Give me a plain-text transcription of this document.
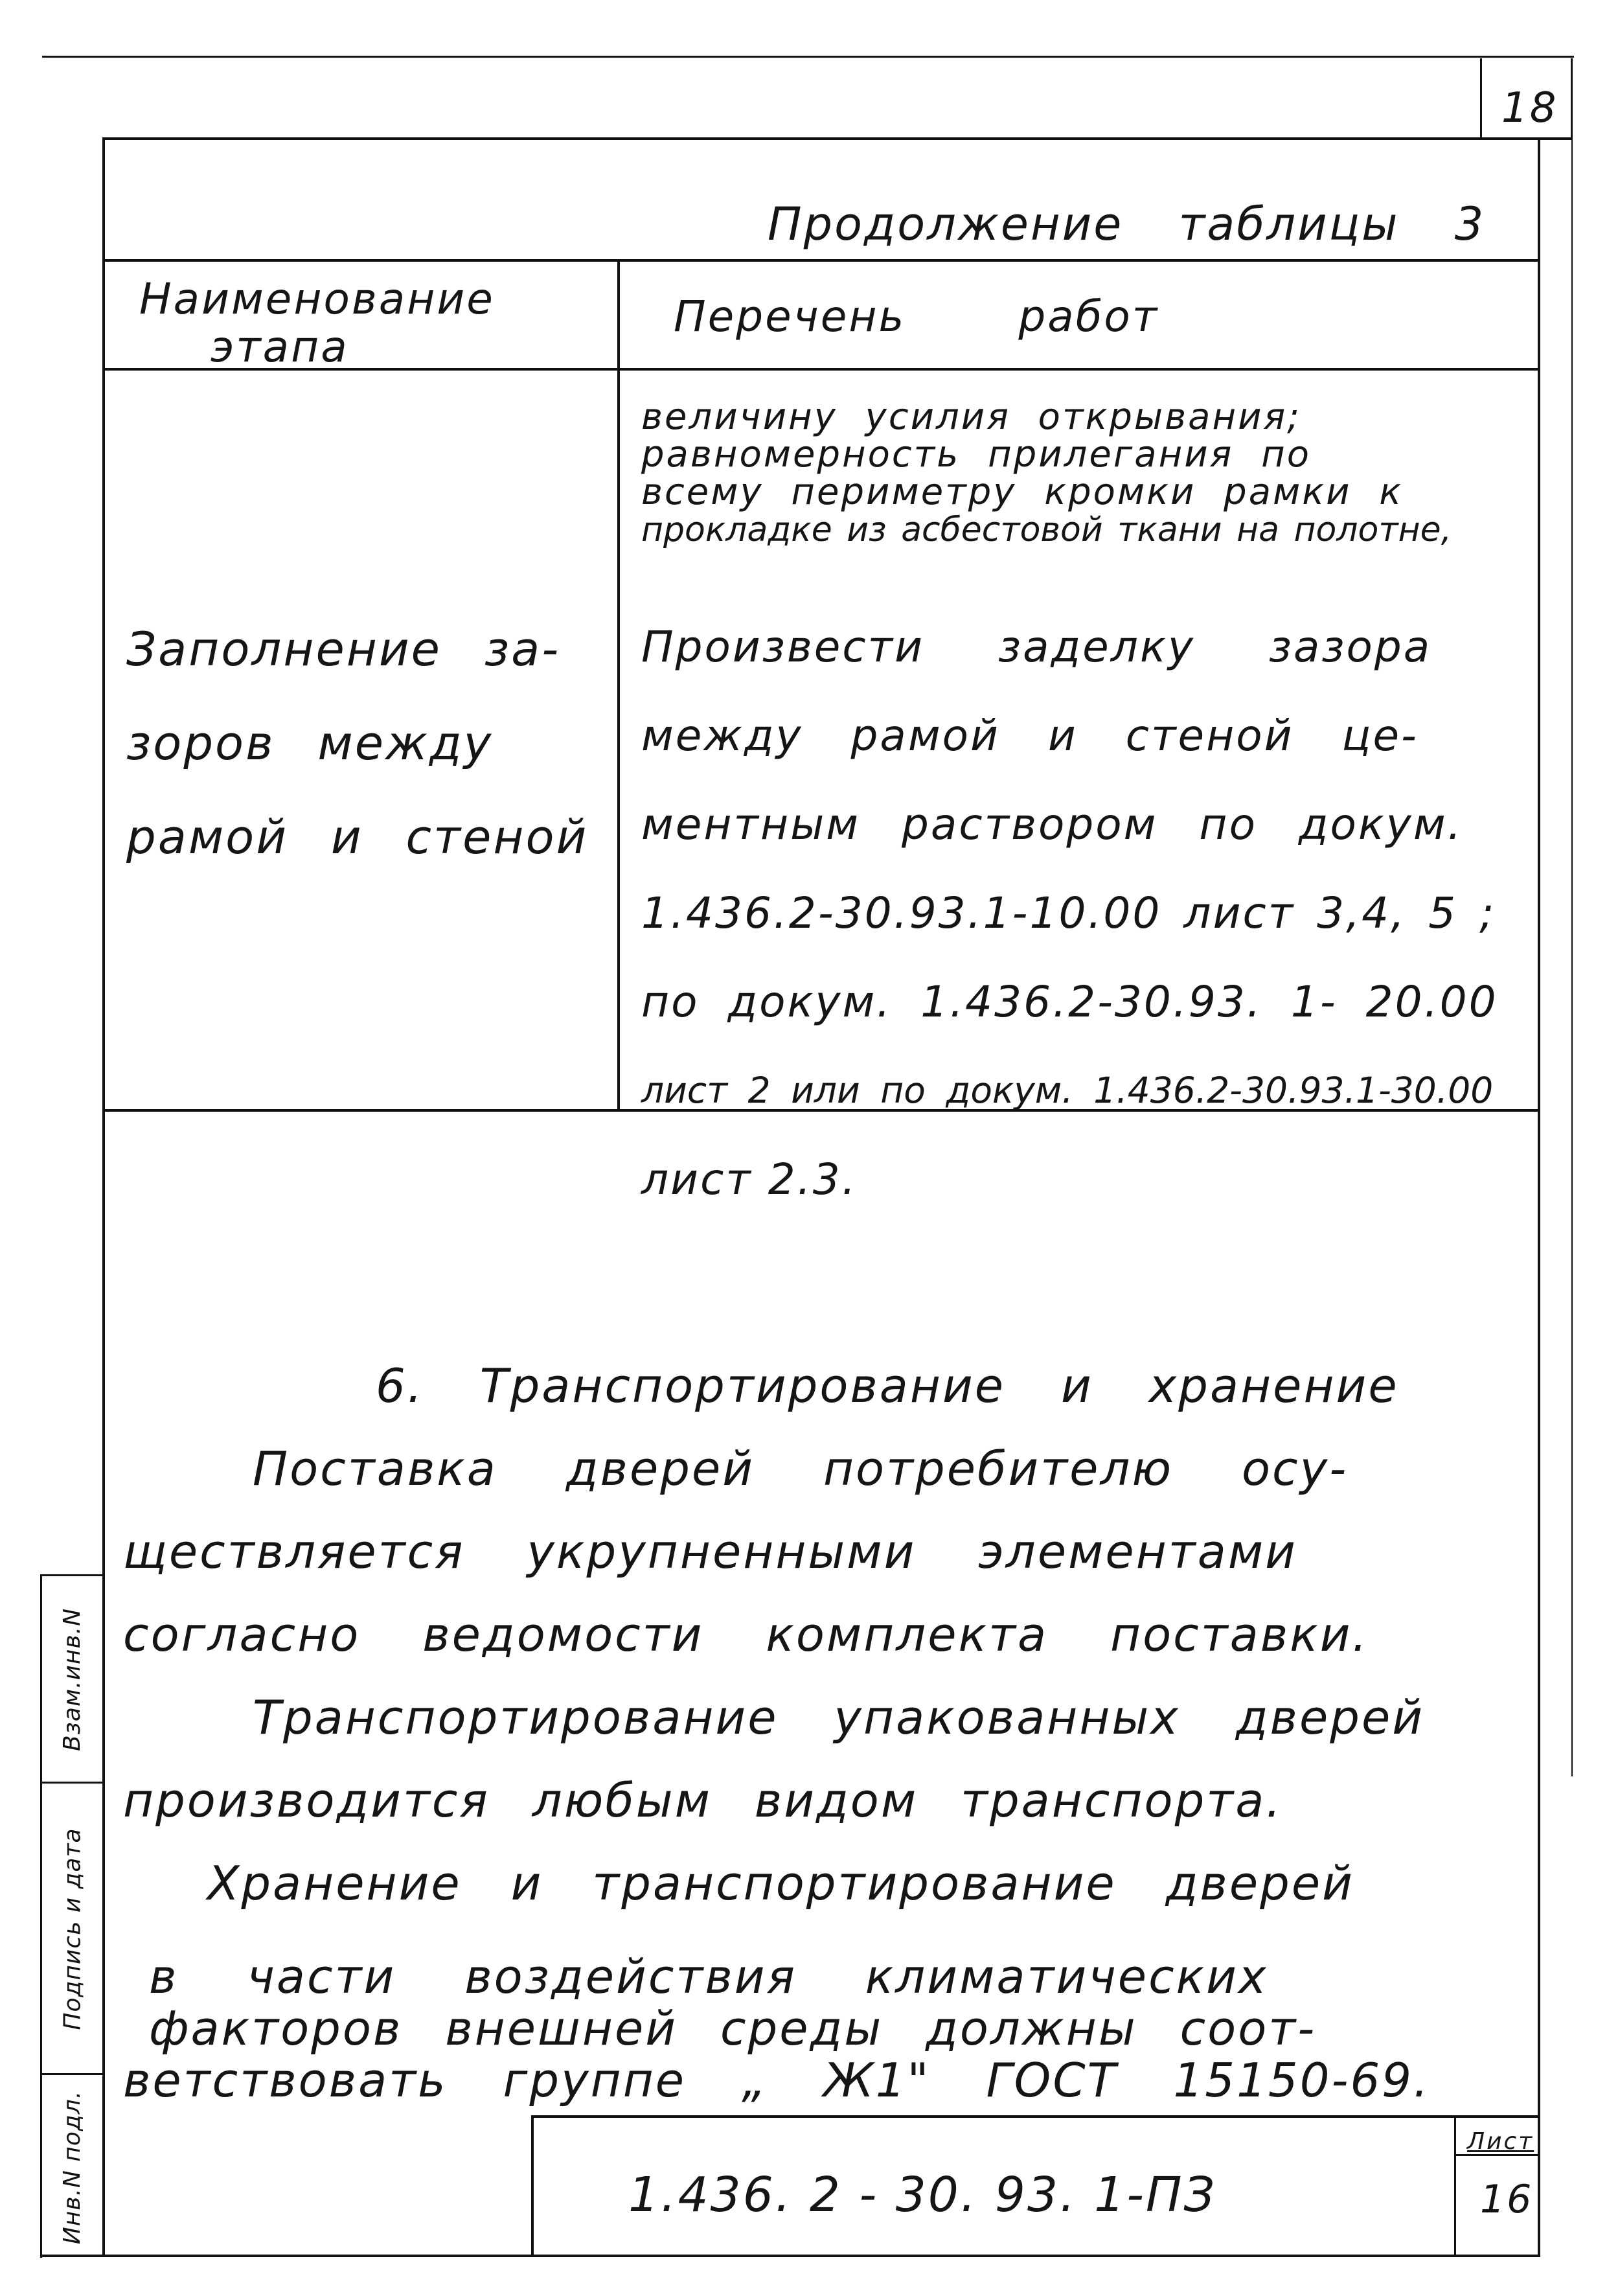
18
Продолжение таблицы 3
Наименование
этапа
Перечень работ
величину усилия открывания;
равномерность прилегания по
всему периметру кромки рамки к
прокладке из асбестовой ткани на полотне,
Заполнение за-
зоров между
рамой и стеной
Произвести заделку зазора
между рамой и стеной це-
ментным раствором по докум.
1.436.2-30.93.1-10.00 лист 3,4, 5 ;
по докум. 1.436.2-30.93. 1- 20.00
лист 2 или по докум. 1.436.2-30.93.1-30.00
лист 2.3.
6. Транспортирование и хранение
Поставка дверей потребителю осу-
ществляется укрупненными элементами
согласно ведомости комплекта поставки.
Транспортирование упакованных дверей
производится любым видом транспорта.
Хранение и транспортирование дверей
в части воздействия климатических
факторов внешней среды должны соот-
ветствовать группе „ Ж1" ГОСТ 15150-69.
1.436. 2 - 30. 93. 1-ПЗ
Лист
16
Взам.инв.N
Подпись и дата
Инв.N подл.
